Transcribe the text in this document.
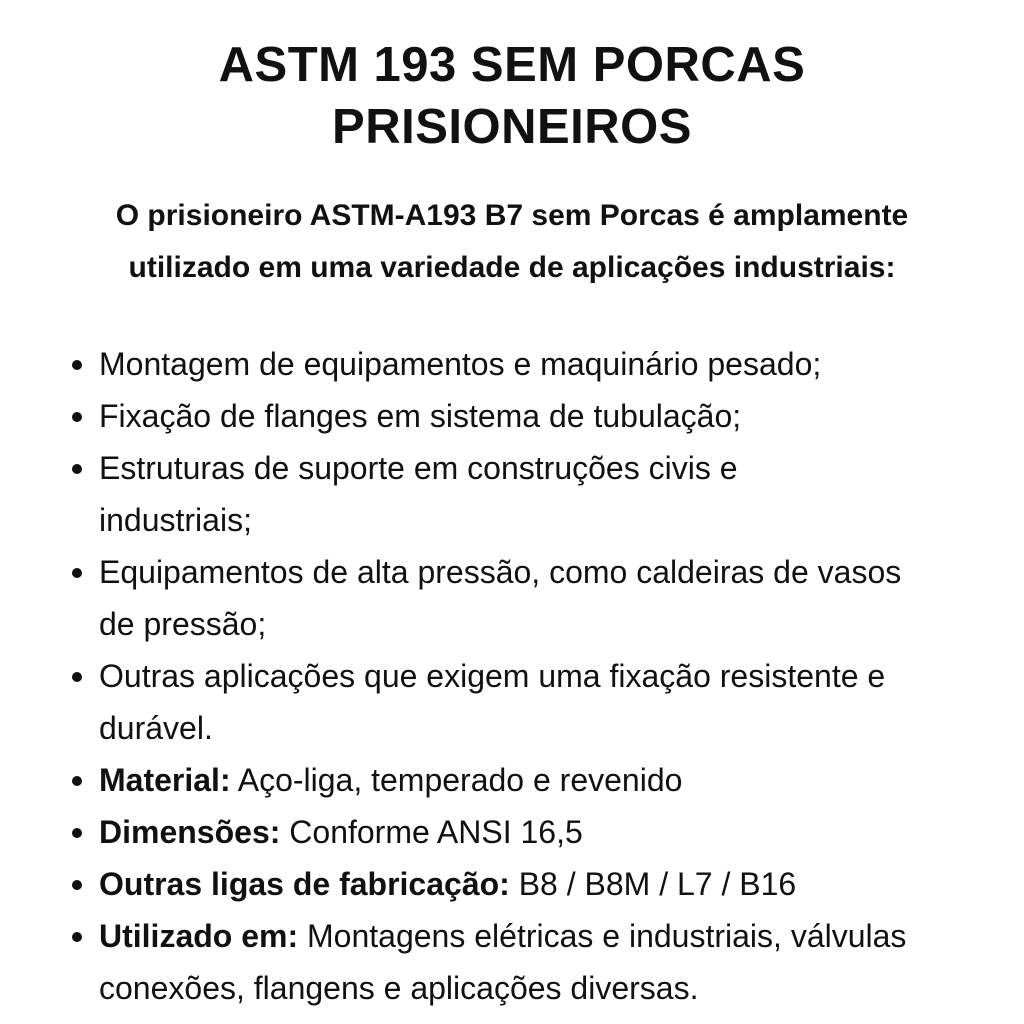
ASTM 193 SEM PORCAS
PRISIONEIROS

O prisioneiro ASTM-A193 B7 sem Porcas é amplamente
utilizado em uma variedade de aplicações industriais:

Montagem de equipamentos e maquinário pesado;
Fixação de flanges em sistema de tubulação;
Estruturas de suporte em construções civis e industriais;
Equipamentos de alta pressão, como caldeiras de vasos de pressão;
Outras aplicações que exigem uma fixação resistente e durável.
Material: Aço-liga, temperado e revenido
Dimensões: Conforme ANSI 16,5
Outras ligas de fabricação: B8 / B8M / L7 / B16
Utilizado em: Montagens elétricas e industriais, válvulas conexões, flangens e aplicações diversas.
